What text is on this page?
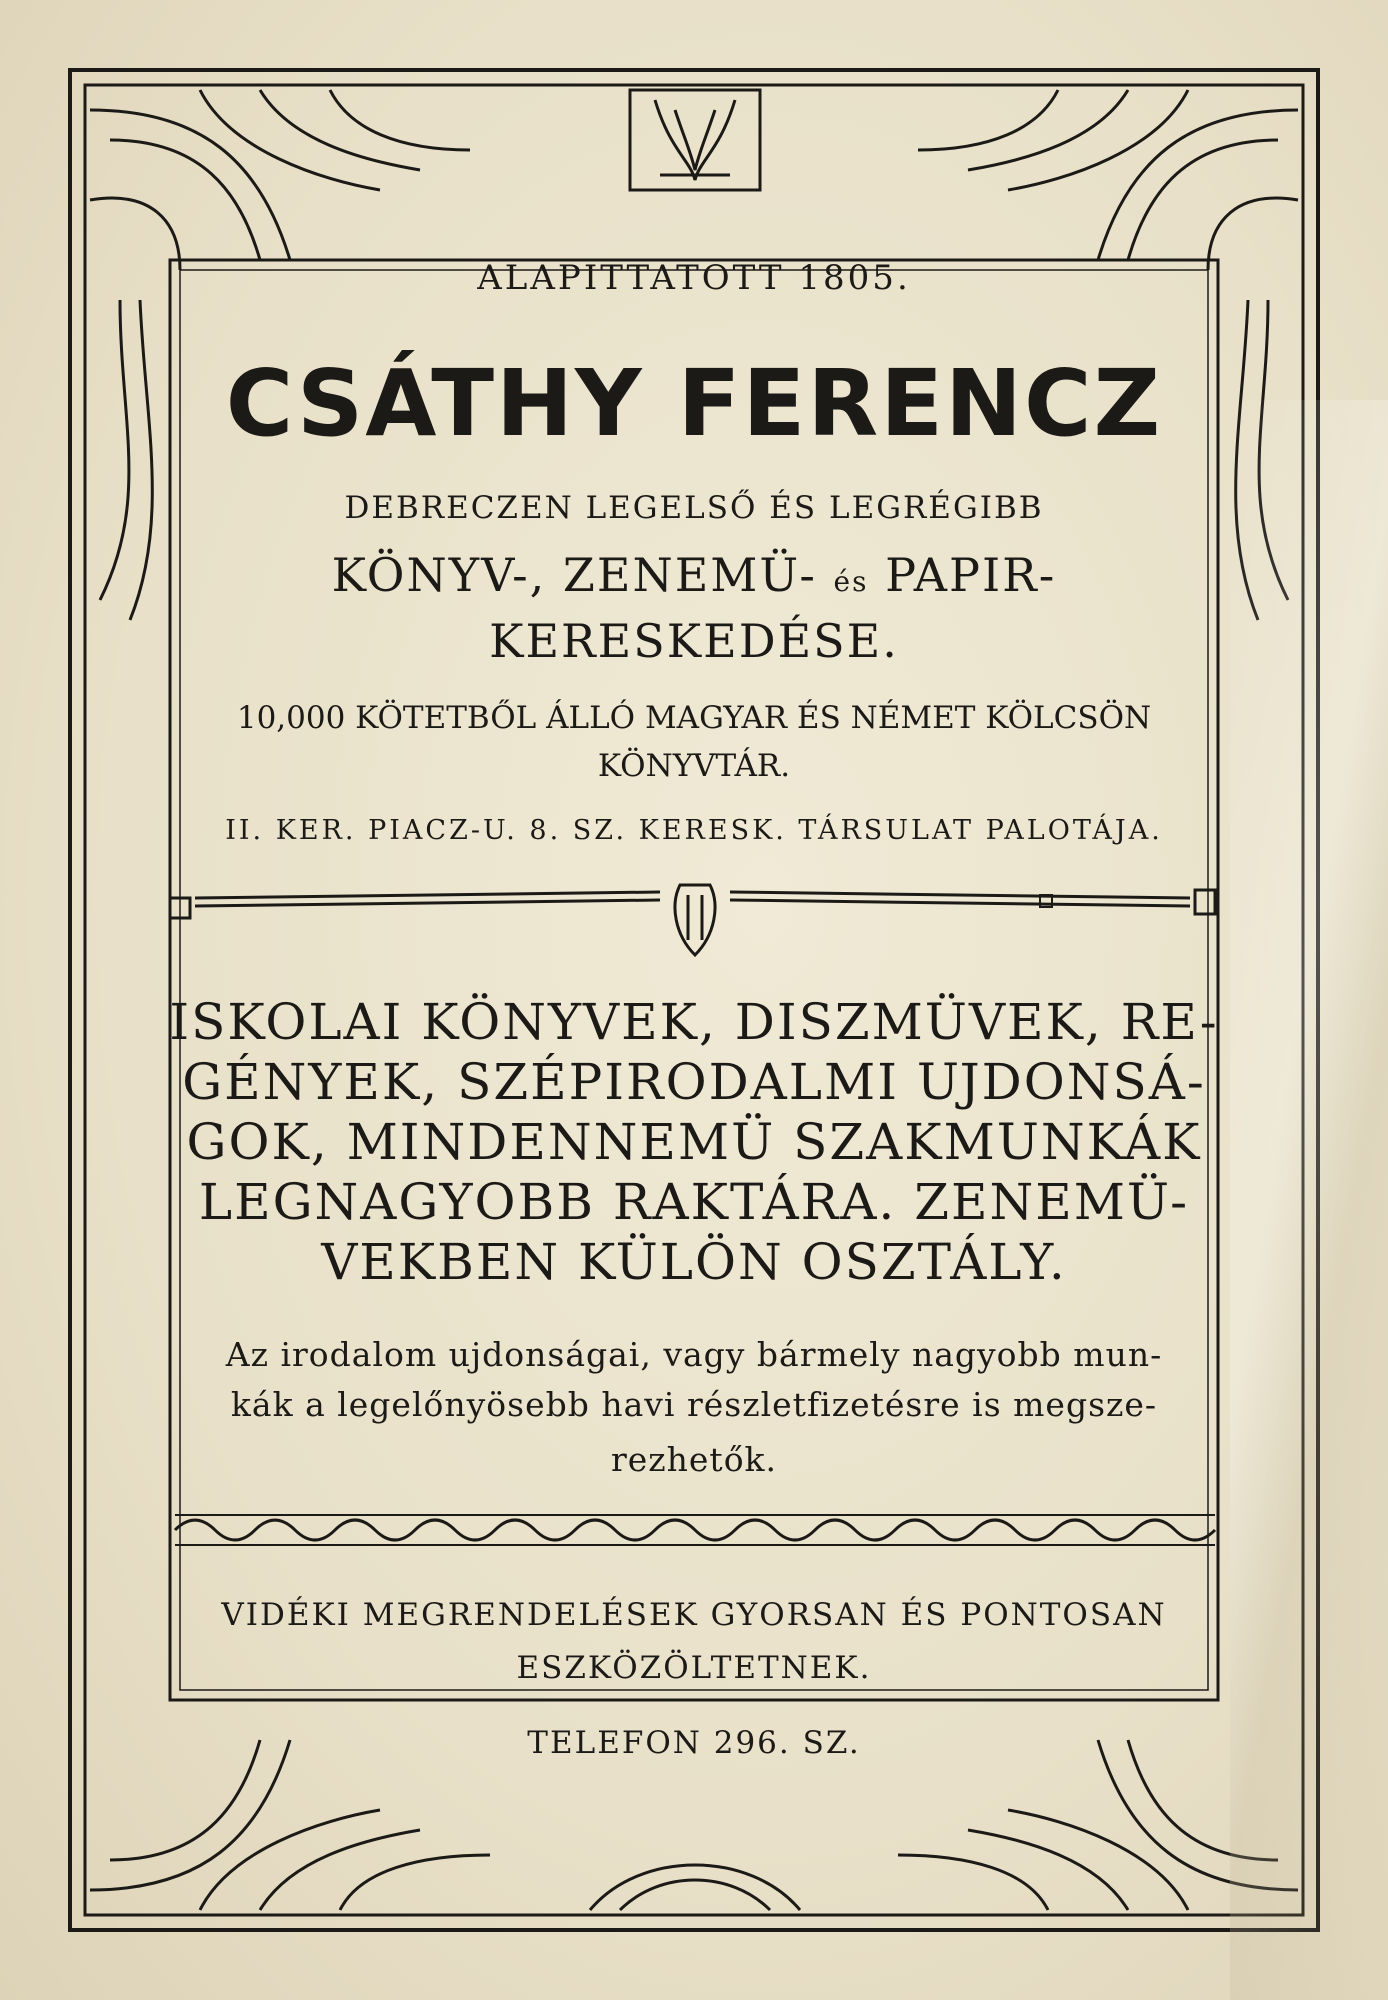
ALAPITTATOTT 1805.
CSÁTHY FERENCZ
DEBRECZEN LEGELSŐ ÉS LEGRÉGIBB
KÖNYV-, ZENEMÜ- és PAPIR-
KERESKEDÉSE.
10,000 KÖTETBŐL ÁLLÓ MAGYAR ÉS NÉMET KÖLCSÖN
KÖNYVTÁR.
II. KER. PIACZ-U. 8. SZ. KERESK. TÁRSULAT PALOTÁJA.
ISKOLAI KÖNYVEK, DISZMÜVEK, RE-
GÉNYEK, SZÉPIRODALMI UJDONSÁ-
GOK, MINDENNEMÜ SZAKMUNKÁK
LEGNAGYOBB RAKTÁRA. ZENEMÜ-
VEKBEN KÜLÖN OSZTÁLY.
Az irodalom ujdonságai, vagy bármely nagyobb mun-
kák a legelőnyösebb havi részletfizetésre is megsze-
rezhetők.
VIDÉKI MEGRENDELÉSEK GYORSAN ÉS PONTOSAN
ESZKÖZÖLTETNEK.
TELEFON 296. SZ.
